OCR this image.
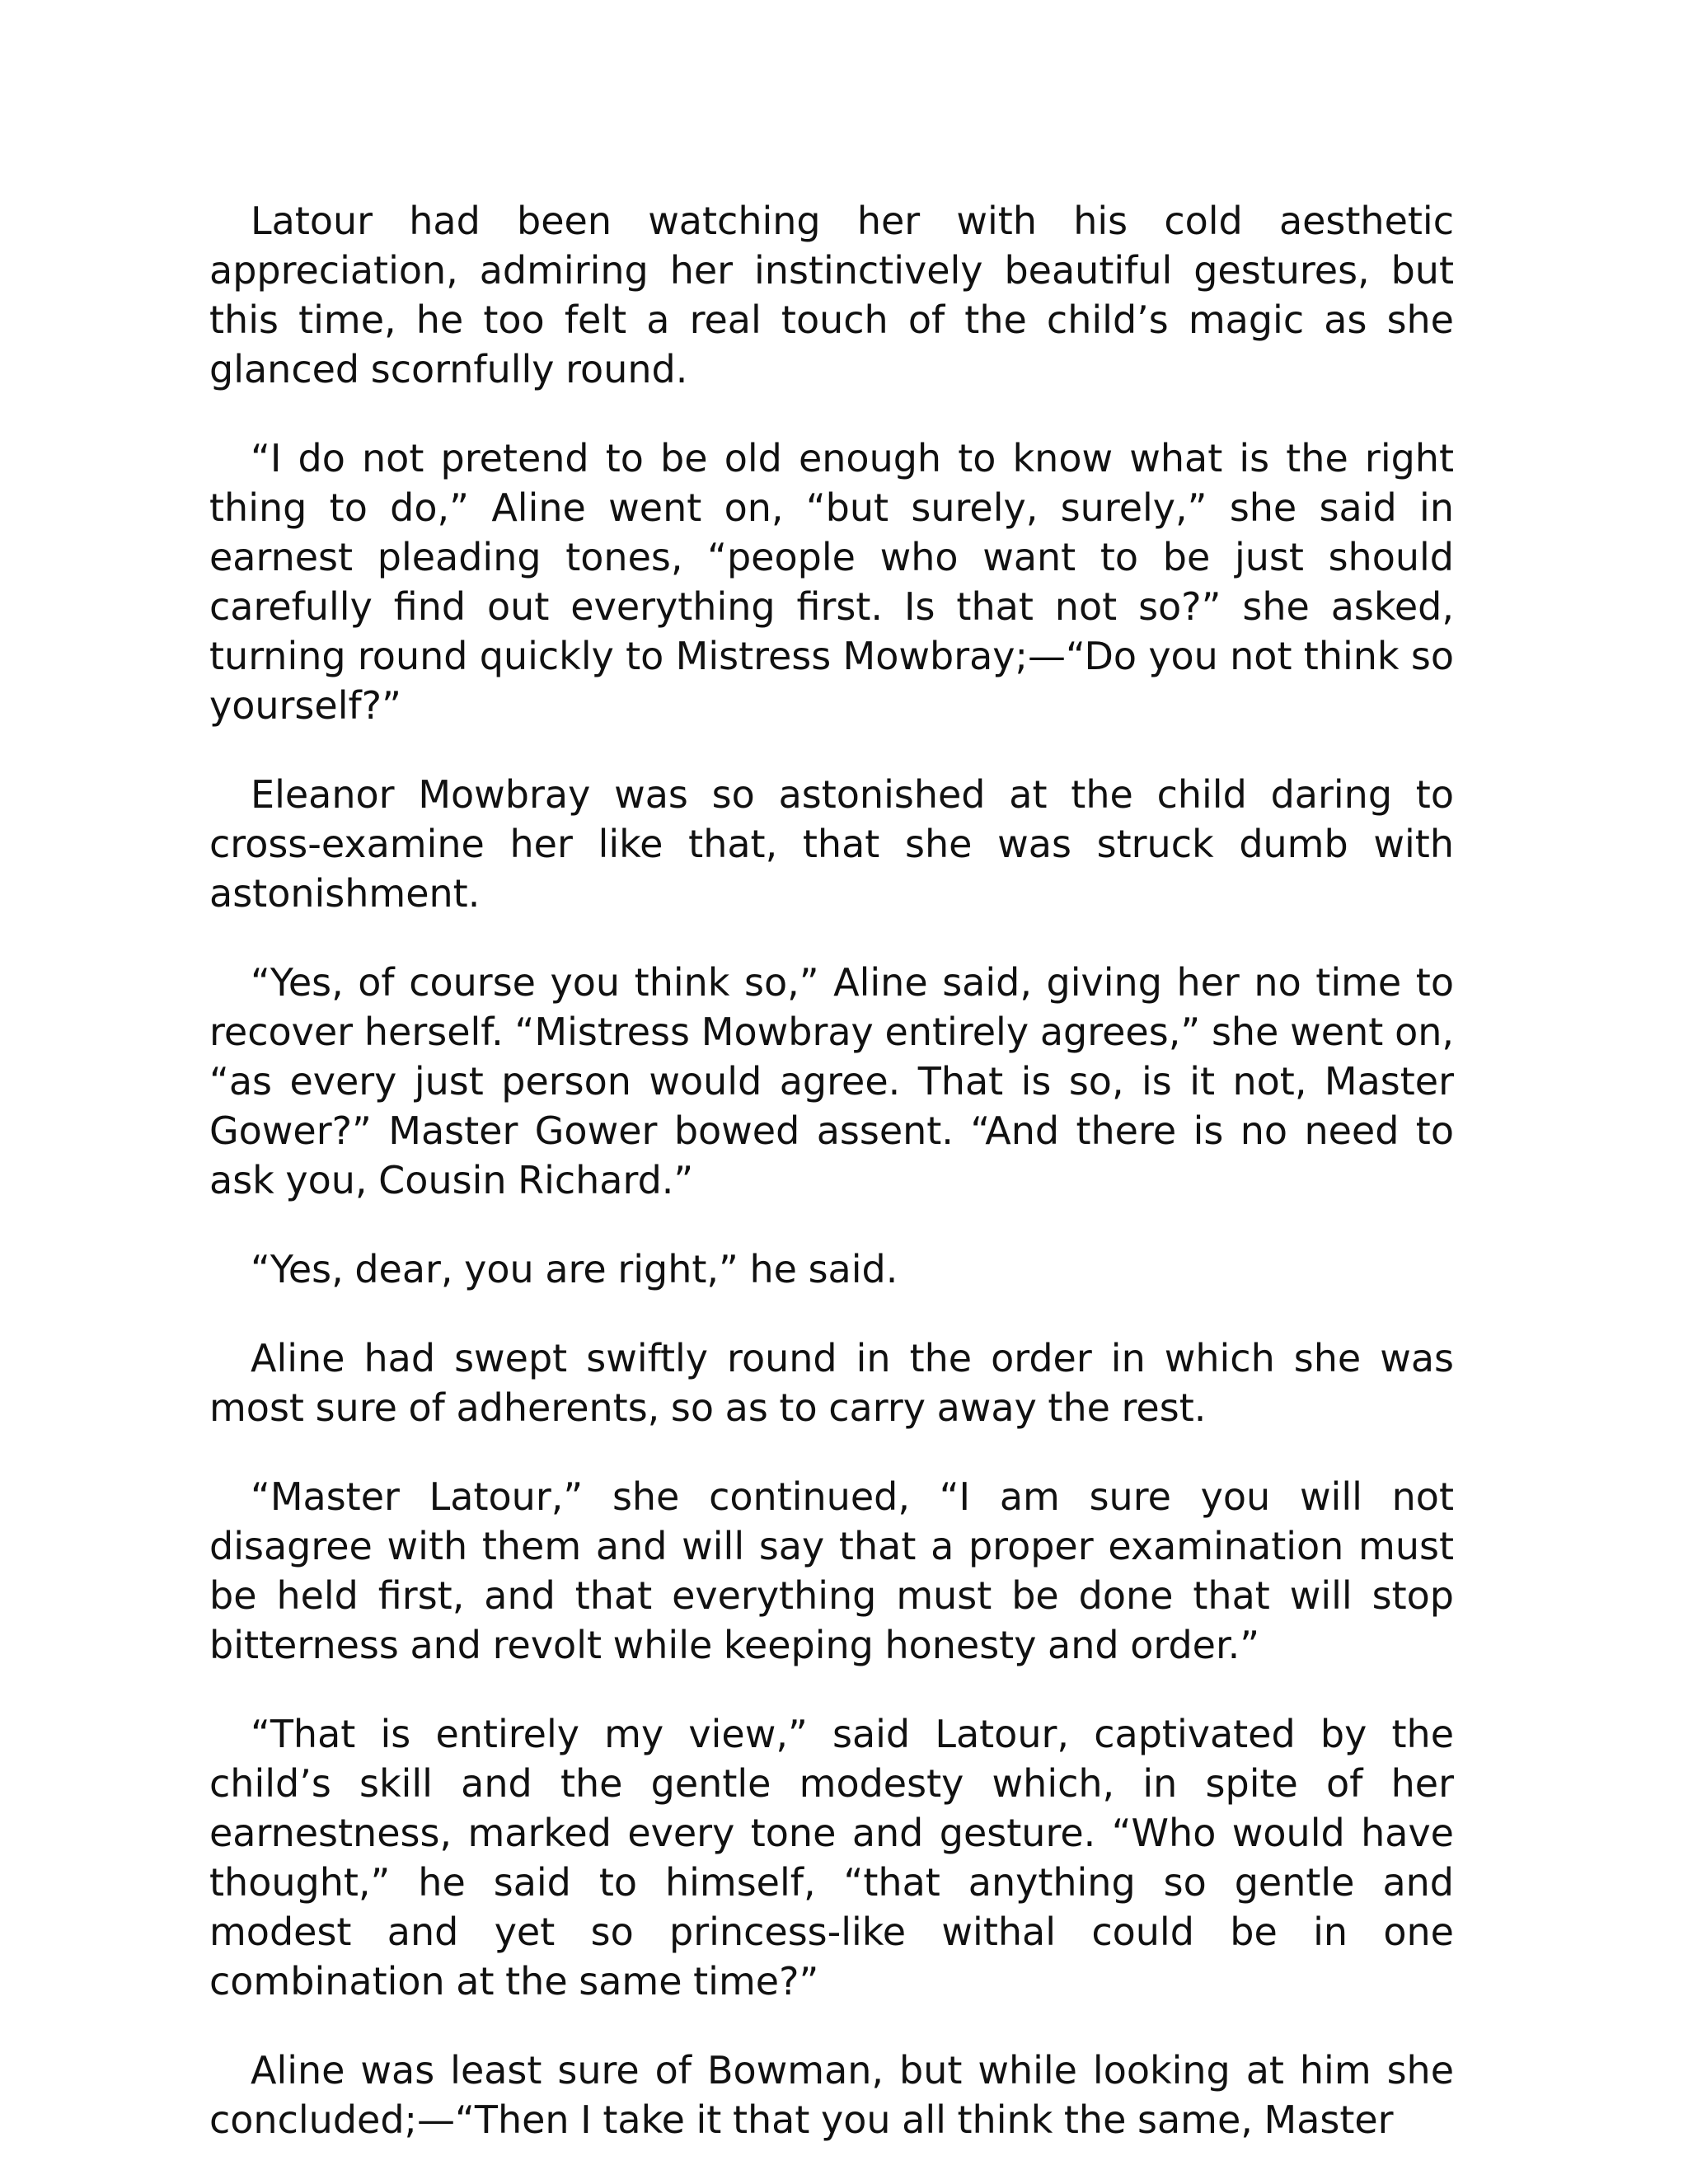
Latour had been watching her with his cold aesthetic appreciation, admiring her instinctively beautiful gestures, but this time, he too felt a real touch of the child’s magic as she glanced scornfully round.

“I do not pretend to be old enough to know what is the right thing to do,” Aline went on, “but surely, surely,” she said in earnest pleading tones, “people who want to be just should carefully find out everything first. Is that not so?” she asked, turning round quickly to Mistress Mowbray;—“Do you not think so yourself?”

Eleanor Mowbray was so astonished at the child daring to cross-examine her like that, that she was struck dumb with astonishment.

“Yes, of course you think so,” Aline said, giving her no time to recover herself. “Mistress Mowbray entirely agrees,” she went on, “as every just person would agree. That is so, is it not, Master Gower?” Master Gower bowed assent. “And there is no need to ask you, Cousin Richard.”

“Yes, dear, you are right,” he said.

Aline had swept swiftly round in the order in which she was most sure of adherents, so as to carry away the rest.

“Master Latour,” she continued, “I am sure you will not disagree with them and will say that a proper examination must be held first, and that everything must be done that will stop bitterness and revolt while keeping honesty and order.”

“That is entirely my view,” said Latour, captivated by the child’s skill and the gentle modesty which, in spite of her earnestness, marked every tone and gesture. “Who would have thought,” he said to himself, “that anything so gentle and modest and yet so princess-like withal could be in one combination at the same time?”

Aline was least sure of Bowman, but while looking at him she concluded;—“Then I take it that you all think the same, Master
